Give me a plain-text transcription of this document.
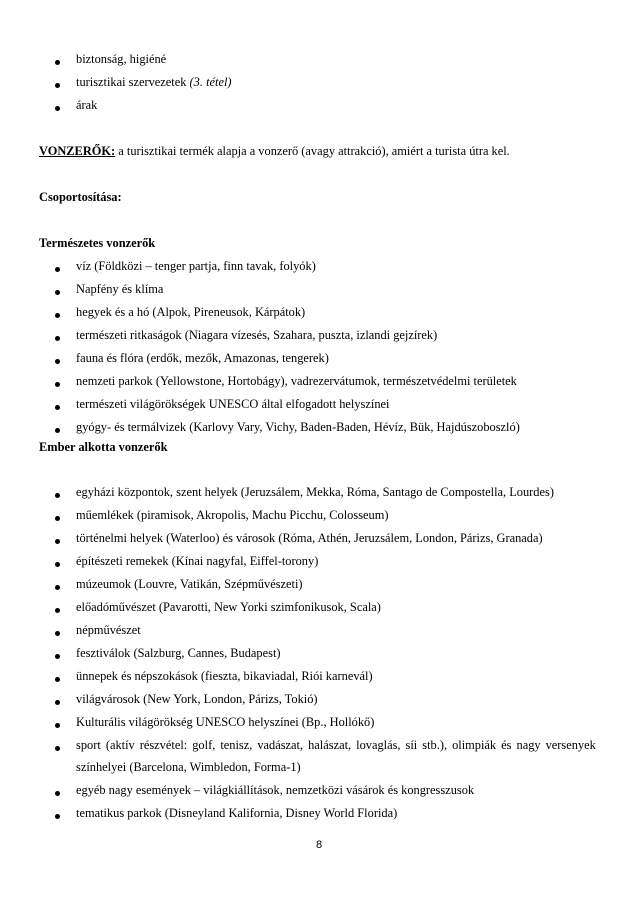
biztonság, higiéné
turisztikai szervezetek (3. tétel)
árak
VONZERŐK: a turisztikai termék alapja a vonzerő (avagy attrakció), amiért a turista útra kel.
Csoportosítása:
Természetes vonzerők
víz (Földközi – tenger partja, finn tavak, folyók)
Napfény és klíma
hegyek és a hó (Alpok, Pireneusok, Kárpátok)
természeti ritkaságok (Niagara vízesés, Szahara, puszta, izlandi gejzírek)
fauna és flóra (erdők, mezők, Amazonas, tengerek)
nemzeti parkok (Yellowstone, Hortobágy), vadrezervátumok, természetvédelmi területek
természeti világörökségek UNESCO által elfogadott helyszínei
gyógy- és termálvizek (Karlovy Vary, Vichy, Baden-Baden, Hévíz, Bük, Hajdúszoboszló)
Ember alkotta vonzerők
egyházi központok, szent helyek (Jeruzsálem, Mekka, Róma, Santago de Compostella, Lourdes)
műemlékek (piramisok, Akropolis, Machu Picchu, Colosseum)
történelmi helyek (Waterloo) és városok (Róma, Athén, Jeruzsálem, London, Párizs, Granada)
építészeti remekek (Kínai nagyfal, Eiffel-torony)
múzeumok (Louvre, Vatikán, Szépművészeti)
előadóművészet (Pavarotti, New Yorki szimfonikusok, Scala)
népművészet
fesztiválok (Salzburg, Cannes, Budapest)
ünnepek és népszokások (fieszta, bikaviadal, Riói karnevál)
világvárosok (New York, London, Párizs, Tokió)
Kulturális világörökség UNESCO helyszínei (Bp., Hollókő)
sport (aktív részvétel: golf, tenisz, vadászat, halászat, lovaglás, síi stb.), olimpiák és nagy versenyek
színhelyei (Barcelona, Wimbledon, Forma-1)
egyéb nagy események – világkiállítások, nemzetközi vásárok és kongresszusok
tematikus parkok (Disneyland Kalifornia, Disney World Florida)
8
